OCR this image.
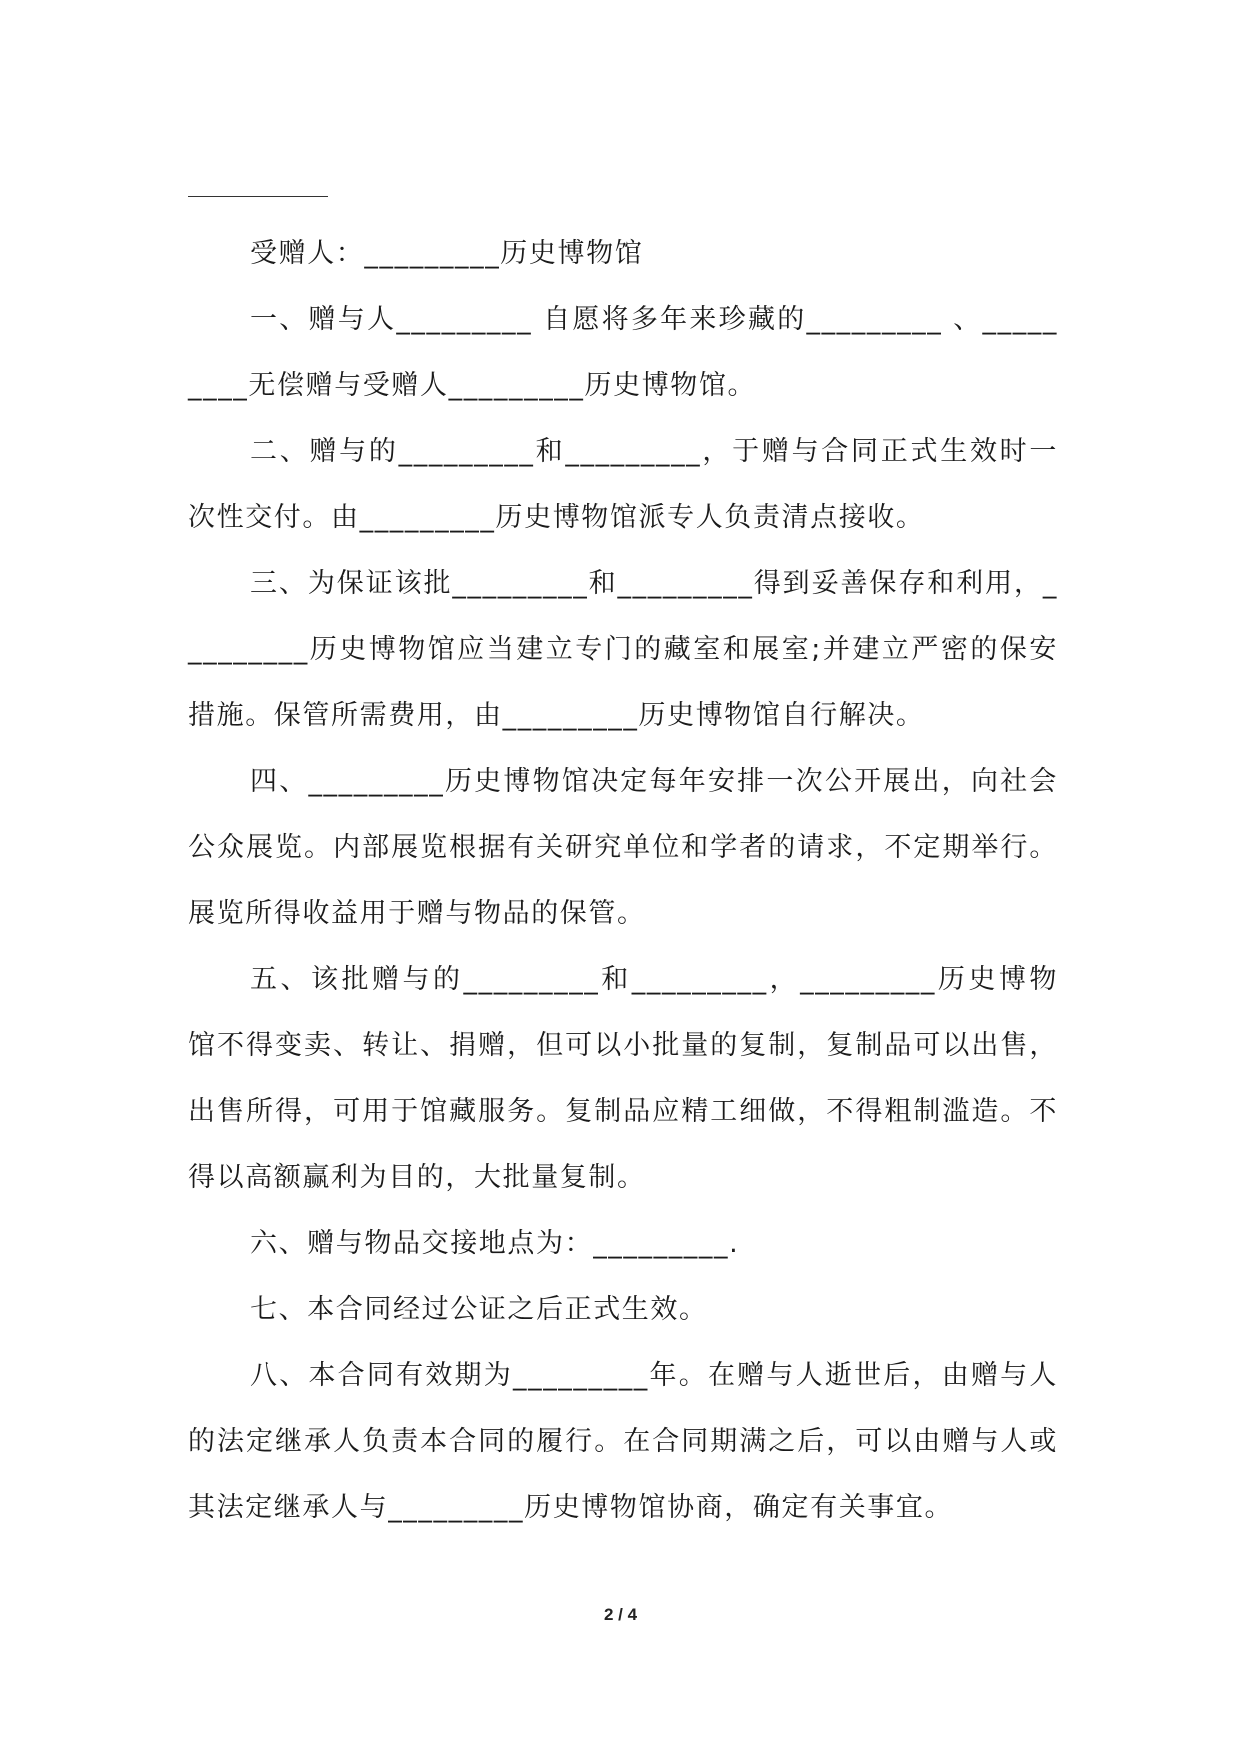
受赠人：_________历史博物馆

一、赠与人_________ 自愿将多年来珍藏的_________ 、_________无偿赠与受赠人_________历史博物馆。

二、赠与的_________和_________，于赠与合同正式生效时一次性交付。由_________历史博物馆派专人负责清点接收。

三、为保证该批_________和_________得到妥善保存和利用，_________历史博物馆应当建立专门的藏室和展室;并建立严密的保安措施。保管所需费用，由_________历史博物馆自行解决。

四、_________历史博物馆决定每年安排一次公开展出，向社会公众展览。内部展览根据有关研究单位和学者的请求，不定期举行。展览所得收益用于赠与物品的保管。

五、该批赠与的_________和_________，_________历史博物馆不得变卖、转让、捐赠，但可以小批量的复制，复制品可以出售，出售所得，可用于馆藏服务。复制品应精工细做，不得粗制滥造。不得以高额赢利为目的，大批量复制。

六、赠与物品交接地点为：_________.

七、本合同经过公证之后正式生效。

八、本合同有效期为_________年。在赠与人逝世后，由赠与人的法定继承人负责本合同的履行。在合同期满之后，可以由赠与人或其法定继承人与_________历史博物馆协商，确定有关事宜。

2 / 4
